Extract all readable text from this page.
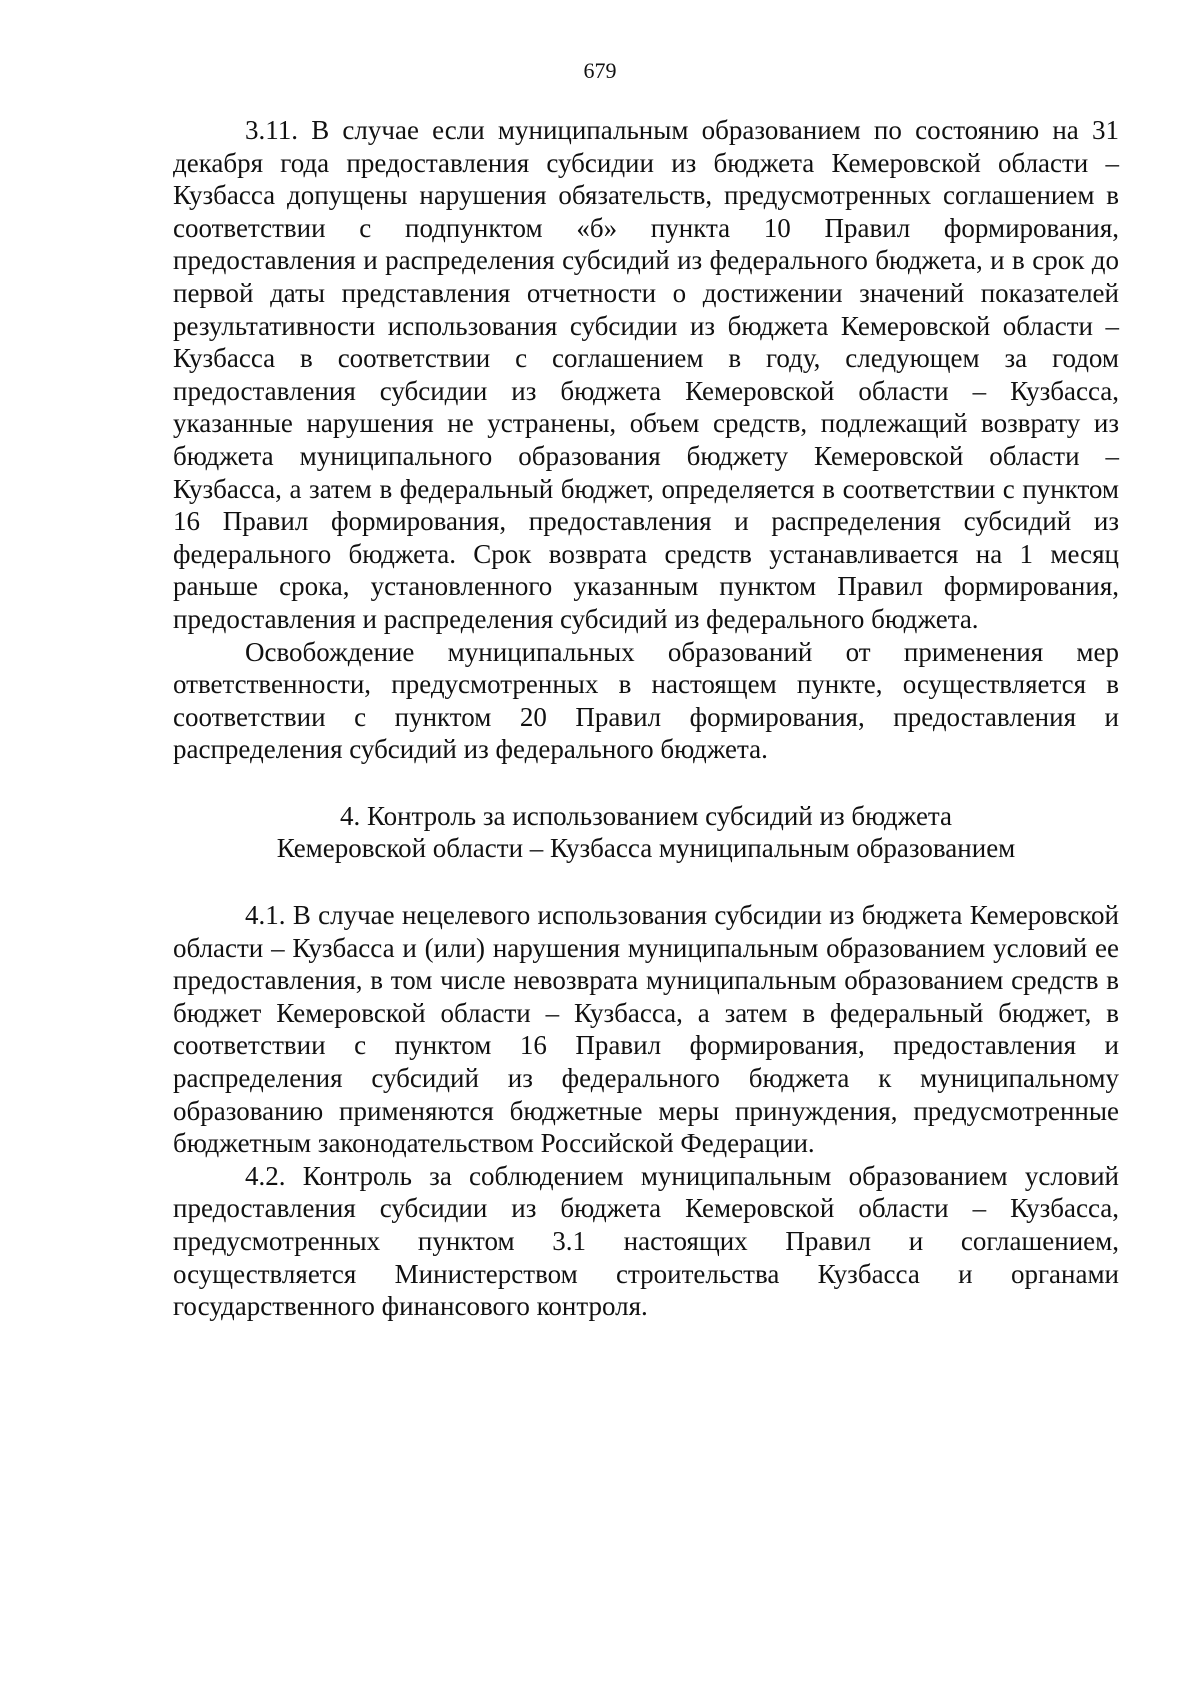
679

3.11. В случае если муниципальным образованием по состоянию на 31 декабря года предоставления субсидии из бюджета Кемеровской области – Кузбасса допущены нарушения обязательств, предусмотренных соглашением в соответствии с подпунктом «б» пункта 10 Правил формирования, предоставления и распределения субсидий из федерального бюджета, и в срок до первой даты представления отчетности о достижении значений показателей результативности использования субсидии из бюджета Кемеровской области – Кузбасса в соответствии с соглашением в году, следующем за годом предоставления субсидии из бюджета Кемеровской области – Кузбасса, указанные нарушения не устранены, объем средств, подлежащий возврату из бюджета муниципального образования бюджету Кемеровской области – Кузбасса, а затем в федеральный бюджет, определяется в соответствии с пунктом 16 Правил формирования, предоставления и распределения субсидий из федерального бюджета. Срок возврата средств устанавливается на 1 месяц раньше срока, установленного указанным пунктом Правил формирования, предоставления и распределения субсидий из федерального бюджета.

Освобождение муниципальных образований от применения мер ответственности, предусмотренных в настоящем пункте, осуществляется в соответствии с пунктом 20 Правил формирования, предоставления и распределения субсидий из федерального бюджета.

4. Контроль за использованием субсидий из бюджета
Кемеровской области – Кузбасса муниципальным образованием

4.1. В случае нецелевого использования субсидии из бюджета Кемеровской области – Кузбасса и (или) нарушения муниципальным образованием условий ее предоставления, в том числе невозврата муниципальным образованием средств в бюджет Кемеровской области – Кузбасса, а затем в федеральный бюджет, в соответствии с пунктом 16 Правил формирования, предоставления и распределения субсидий из федерального бюджета к муниципальному образованию применяются бюджетные меры принуждения, предусмотренные бюджетным законодательством Российской Федерации.

4.2. Контроль за соблюдением муниципальным образованием условий предоставления субсидии из бюджета Кемеровской области – Кузбасса, предусмотренных пунктом 3.1 настоящих Правил и соглашением, осуществляется Министерством строительства Кузбасса и органами государственного финансового контроля.
